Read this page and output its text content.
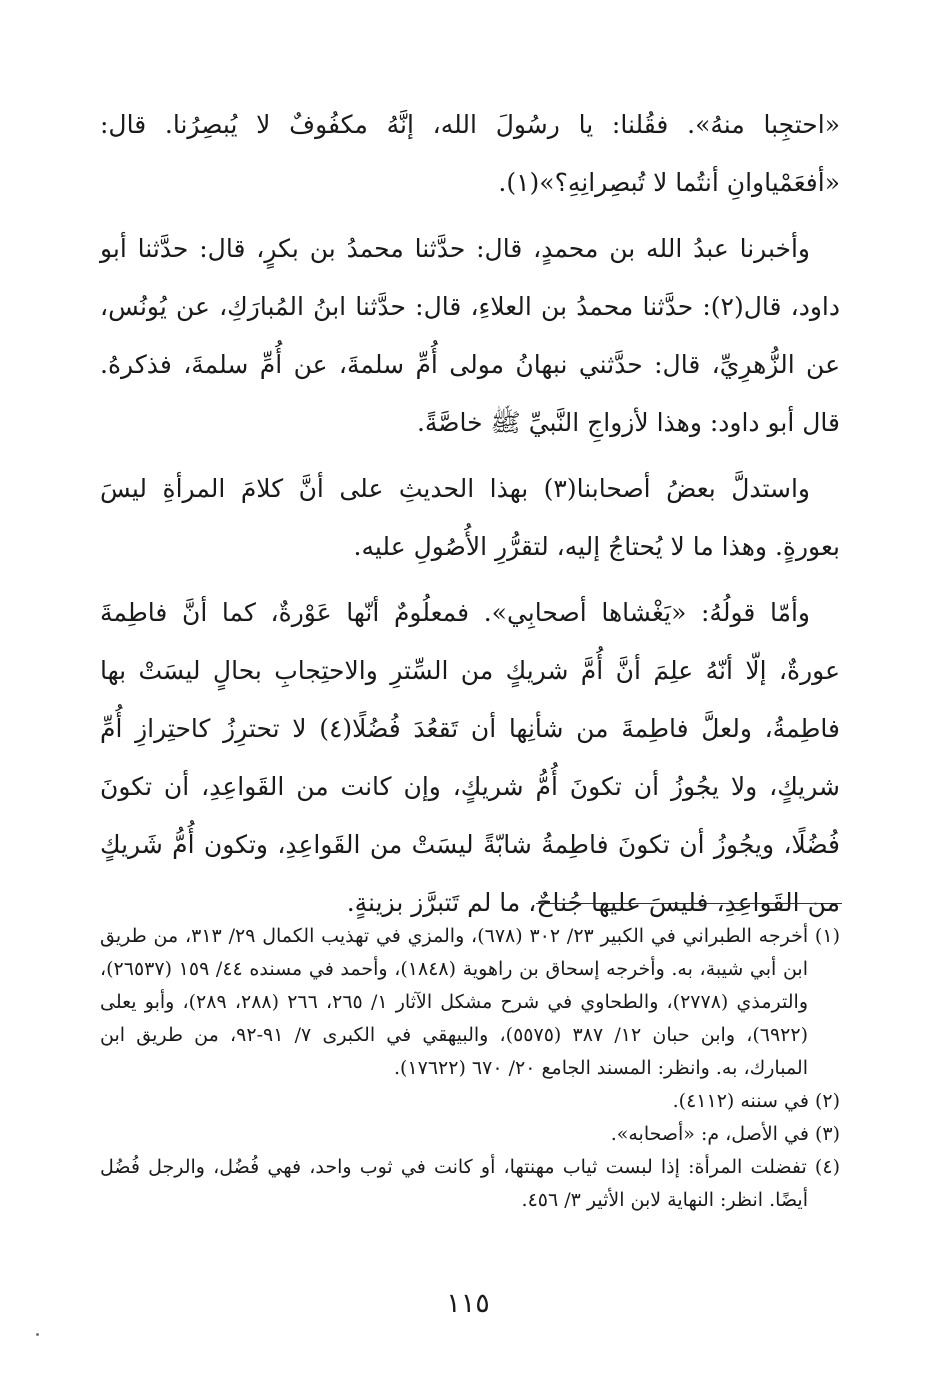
«احتجِبا منهُ». فقُلنا: يا رسُولَ الله، إنَّهُ مكفُوفٌ لا يُبصِرُنا. قال: «أفعَمْياوانِ أنتُما لا تُبصِرانِهِ؟»(١).

وأخبرنا عبدُ الله بن محمدٍ، قال: حدَّثنا محمدُ بن بكرٍ، قال: حدَّثنا أبو داود، قال(٢): حدَّثنا محمدُ بن العلاءِ، قال: حدَّثنا ابنُ المُبارَكِ، عن يُونُس، عن الزُّهرِيِّ، قال: حدَّثني نبهانُ مولى أُمِّ سلمةَ، عن أُمِّ سلمةَ، فذكرهُ. قال أبو داود: وهذا لأزواجِ النَّبيِّ ﷺ خاصَّةً.

واستدلَّ بعضُ أصحابنا(٣) بهذا الحديثِ على أنَّ كلامَ المرأةِ ليسَ بعورةٍ. وهذا ما لا يُحتاجُ إليه، لتقرُّرِ الأُصُولِ عليه.

وأمّا قولُهُ: «يَغْشاها أصحابِي». فمعلُومٌ أنّها عَوْرةٌ، كما أنَّ فاطِمةَ عورةٌ، إلّا أنّهُ علِمَ أنَّ أُمَّ شريكٍ من السِّترِ والاحتِجابِ بحالٍ ليسَتْ بها فاطِمةُ، ولعلَّ فاطِمةَ من شأنِها أن تَقعُدَ فُضُلًا(٤) لا تحترِزُ كاحتِرازِ أُمِّ شريكٍ، ولا يجُوزُ أن تكونَ أُمُّ شريكٍ، وإن كانت من القَواعِدِ، أن تكونَ فُضُلًا، ويجُوزُ أن تكونَ فاطِمةُ شابّةً ليسَتْ من القَواعِدِ، وتكون أُمُّ شَريكٍ من القَواعِدِ، فليسَ عليها جُناحٌ، ما لم تَتبرَّز بزينةٍ.

(١) أخرجه الطبراني في الكبير ٢٣/ ٣٠٢ (٦٧٨)، والمزي في تهذيب الكمال ٢٩/ ٣١٣، من طريق ابن أبي شيبة، به. وأخرجه إسحاق بن راهوية (١٨٤٨)، وأحمد في مسنده ٤٤/ ١٥٩ (٢٦٥٣٧)، والترمذي (٢٧٧٨)، والطحاوي في شرح مشكل الآثار ١/ ٢٦٥، ٢٦٦ (٢٨٨، ٢٨٩)، وأبو يعلى (٦٩٢٢)، وابن حبان ١٢/ ٣٨٧ (٥٥٧٥)، والبيهقي في الكبرى ٧/ ٩١-٩٢، من طريق ابن المبارك، به. وانظر: المسند الجامع ٢٠/ ٦٧٠ (١٧٦٢٢).

(٢) في سننه (٤١١٢).

(٣) في الأصل، م: «أصحابه».

(٤) تفضلت المرأة: إذا لبست ثياب مهنتها، أو كانت في ثوب واحد، فهي فُضُل، والرجل فُضُل أيضًا. انظر: النهاية لابن الأثير ٣/ ٤٥٦.

١١٥
